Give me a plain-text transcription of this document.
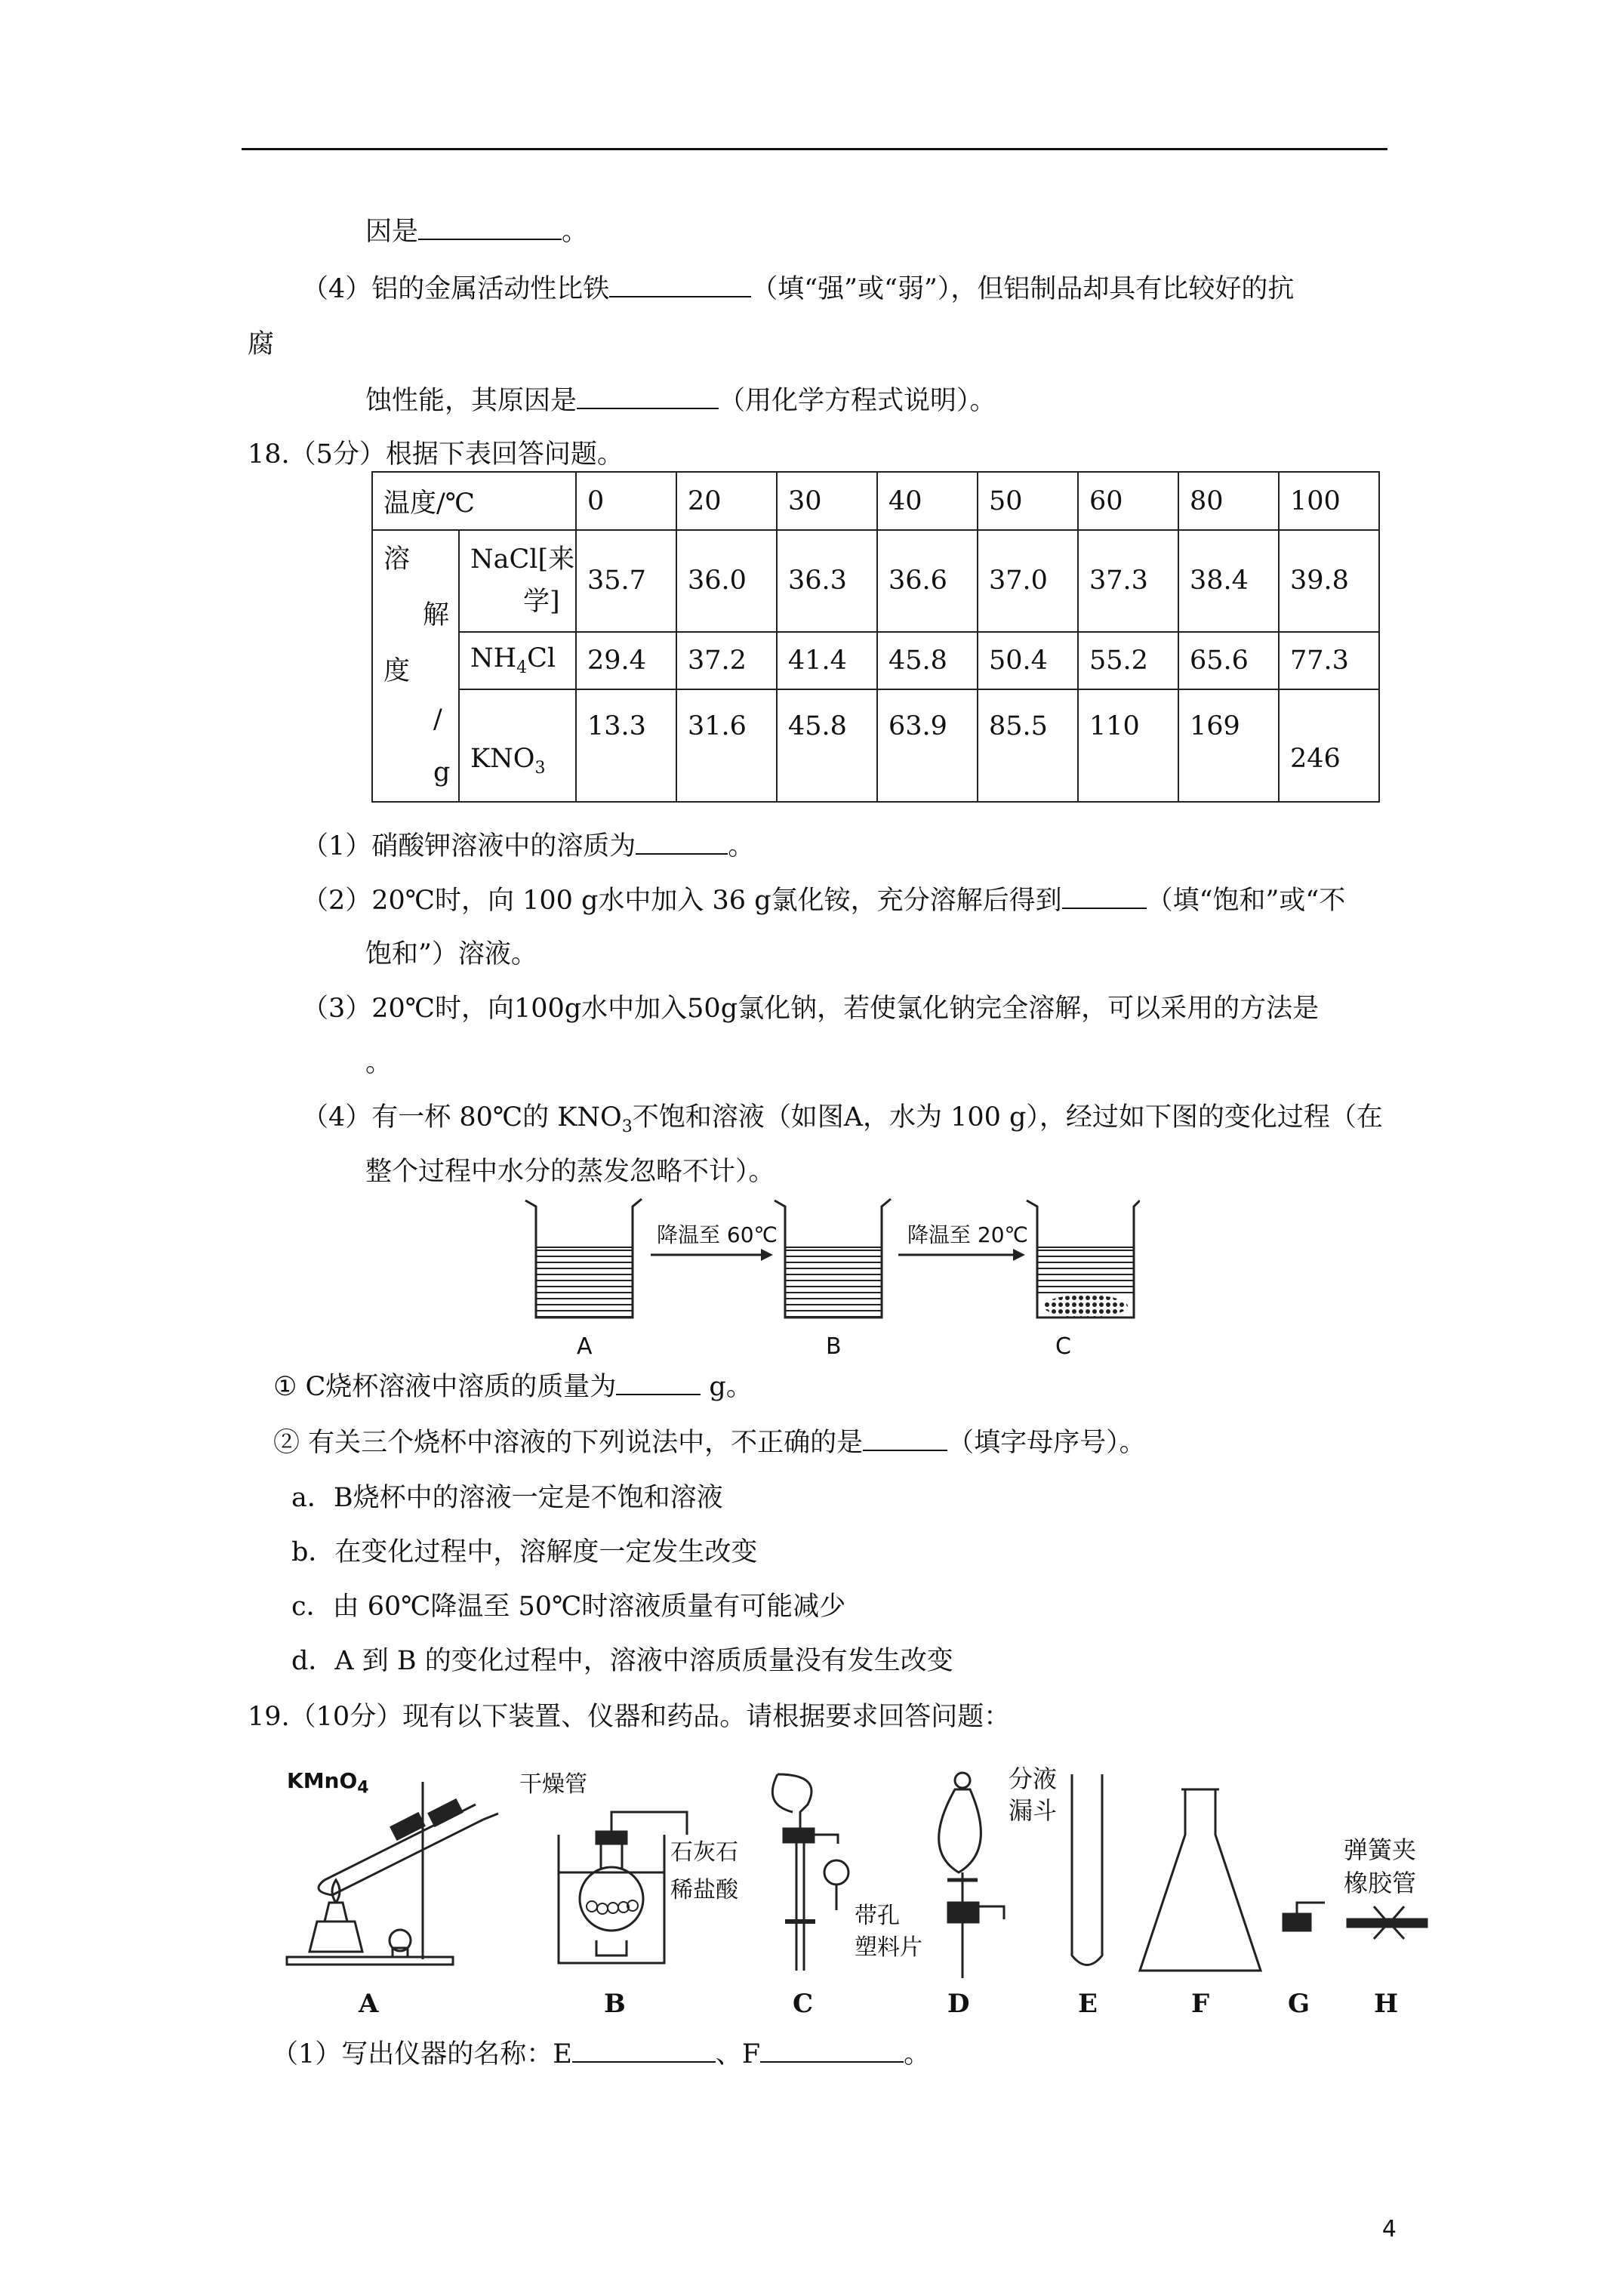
因是	。
（4）铝的金属活动性比铁	（填“强”或“弱”），但铝制品却具有比较好的抗
腐
蚀性能，其原因是	（用化学方程式说明）。
18.（5分）根据下表回答问题。
温度/℃		0	20	30	40	50	60	80	100

溶
解
度
/
g	NaCl[来
学]	35.7	36.0	36.3	36.6	37.0	37.3	38.4	39.8
	$NH_4Cl$	29.4	37.2	41.4	45.8	50.4	55.2	65.6	77.3
	$KNO_3$	13.3	31.6	45.8	63.9	85.5	110	169	246
（1）硝酸钾溶液中的溶质为	。
（2）20℃时，向 100 g水中加入 36 g氯化铵，充分溶解后得到	（填“饱和”或“不
饱和”）溶液。
（3）20℃时，向100g水中加入50g氯化钠，若使氯化钠完全溶解，可以采用的方法是
。
（4）有一杯 80℃的 $KNO_3$不饱和溶液（如图A，水为 100 g），经过如下图的变化过程（在
整个过程中水分的蒸发忽略不计）。
降温至 60℃	降温至 20℃
A	B	C
① C烧杯溶液中溶质的质量为	g。
② 有关三个烧杯中溶液的下列说法中，不正确的是	（填字母序号）。
a．B烧杯中的溶液一定是不饱和溶液
b．在变化过程中，溶解度一定发生改变
c．由 60℃降温至 50℃时溶液质量有可能减少
d．A 到 B 的变化过程中，溶液中溶质质量没有发生改变
19.（10分）现有以下装置、仪器和药品。请根据要求回答问题：
KMnO$_4$	干燥管
石灰石
稀盐酸
带孔
塑料片
分液
漏斗
弹簧夹
橡胶管
A	B	C	D	E	F	G H
（1）写出仪器的名称：E	、F	。
4
